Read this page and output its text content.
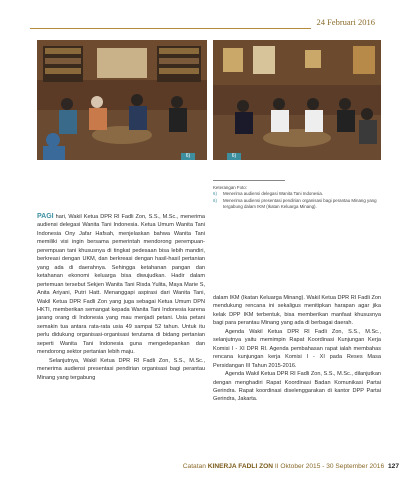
24 Februari 2016
6)	6)
Keterangan Foto:
6)	Menerima audiensi delegasi Wanita Tani Indonesia.
6)	Menerima audiensi presentasi pendirian organisasi bagi perantau Minang yang tergabung dalam IKM (Ikatan Keluarga Minang).

PAGI hari, Wakil Ketua DPR RI Fadli Zon, S.S., M.Sc., menerima audiensi delegasi Wanita Tani Indonesia. Ketua Umum Wanita Tani Indonesia Ony Jafar Hafsah, menjelaskan bahwa Wanita Tani memiliki visi ingin bersama pemerintah mendorong perempuan-perempuan tani khususnya di tingkat pedesaan bisa lebih mandiri, berkreasi dengan UKM, dan berkreasi dengan hasil-hasil pertanian yang ada di daerahnya. Sehingga ketahanan pangan dan ketahanan ekonomi keluarga bisa diwujudkan. Hadir dalam pertemuan tersebut Sekjen Wanita Tani Risda Yulita, Maya Marie S, Anita Ariyani, Putri Hatt. Menanggapi aspirasi dari Wanita Tani, Wakil Ketua DPR Fadli Zon yang juga sebagai Ketua Umum DPN HKTI, memberikan semangat kepada Wanita Tani Indonesia karena jarang orang di Indonesia yang mau menjadi petani. Usia petani semakin tua antara rata-rata usia 49 sampai 52 tahun. Untuk itu perlu didukung organisasi-organisasi terutama di bidang pertanian seperti Wanita Tani Indonesia guna mengedepankan dan mendorong sektor pertanian lebih maju.

Selanjutnya, Wakil Ketua DPR RI Fadli Zon, S.S., M.Sc., menerima audiensi presentasi pendirian organisasi bagi perantau Minang yang tergabung

dalam IKM (Ikatan Keluarga Minang). Wakil Ketua DPR RI Fadli Zon mendukung rencana ini sekaligus menitipkan harapan agar jika kelak DPP IKM terbentuk, bisa memberikan manfaat khususnya bagi para perantau Minang yang ada di berbagai daerah.

Agenda Wakil Ketua DPR RI Fadli Zon, S.S., M.Sc., selanjutnya yaitu memimpin Rapat Koordinasi Kunjungan Kerja Komisi I - XI DPR RI. Agenda pembahasan rapat ialah membahas rencana kunjungan kerja Komisi I - XI pada Reses Masa Persidangan III Tahun 2015-2016.

Agenda Wakil Ketua DPR RI Fadli Zon, S.S., M.Sc., dilanjutkan dengan menghadiri Rapat Koordinasi Badan Komunikasi Partai Gerindra. Rapat koordinasi diselenggarakan di kantor DPP Partai Gerindra, Jakarta.

Catatan KINERJA FADLI ZON II Oktober 2015 - 30 September 2016 127
